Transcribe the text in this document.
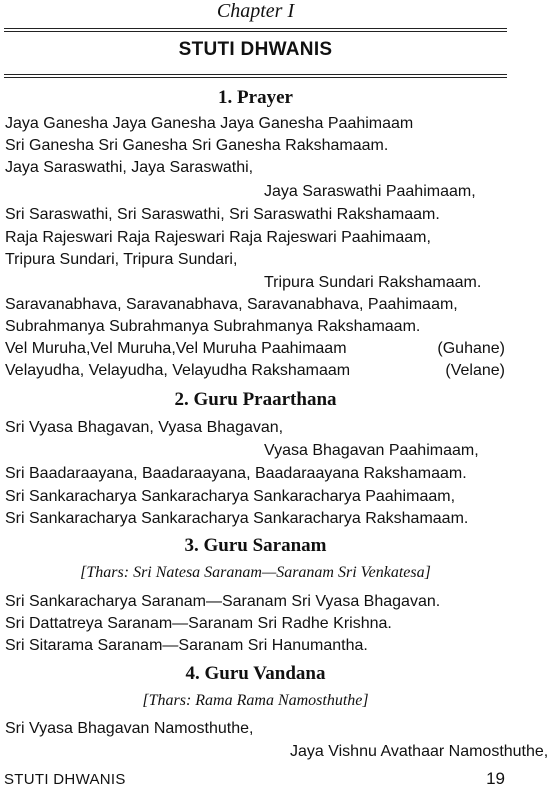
Chapter I
STUTI DHWANIS
1. Prayer
Jaya Ganesha Jaya Ganesha Jaya Ganesha Paahimaam
Sri Ganesha Sri Ganesha Sri Ganesha Rakshamaam.
Jaya Saraswathi, Jaya Saraswathi,
Jaya Saraswathi Paahimaam,
Sri Saraswathi, Sri Saraswathi, Sri Saraswathi Rakshamaam.
Raja Rajeswari Raja Rajeswari Raja Rajeswari Paahimaam,
Tripura Sundari, Tripura Sundari,
Tripura Sundari Rakshamaam.
Saravanabhava, Saravanabhava, Saravanabhava, Paahimaam,
Subrahmanya Subrahmanya Subrahmanya Rakshamaam.
Vel Muruha,Vel Muruha,Vel Muruha Paahimaam	(Guhane)
Velayudha, Velayudha, Velayudha Rakshamaam	(Velane)
2. Guru Praarthana
Sri Vyasa Bhagavan, Vyasa Bhagavan,
Vyasa Bhagavan Paahimaam,
Sri Baadaraayana, Baadaraayana, Baadaraayana Rakshamaam.
Sri Sankaracharya Sankaracharya Sankaracharya Paahimaam,
Sri Sankaracharya Sankaracharya Sankaracharya Rakshamaam.
3. Guru Saranam
[Thars: Sri Natesa Saranam—Saranam Sri Venkatesa]
Sri Sankaracharya Saranam—Saranam Sri Vyasa Bhagavan.
Sri Dattatreya Saranam—Saranam Sri Radhe Krishna.
Sri Sitarama Saranam—Saranam Sri Hanumantha.
4. Guru Vandana
[Thars: Rama Rama Namosthuthe]
Sri Vyasa Bhagavan Namosthuthe,
Jaya Vishnu Avathaar Namosthuthe,
STUTI DHWANIS	19
